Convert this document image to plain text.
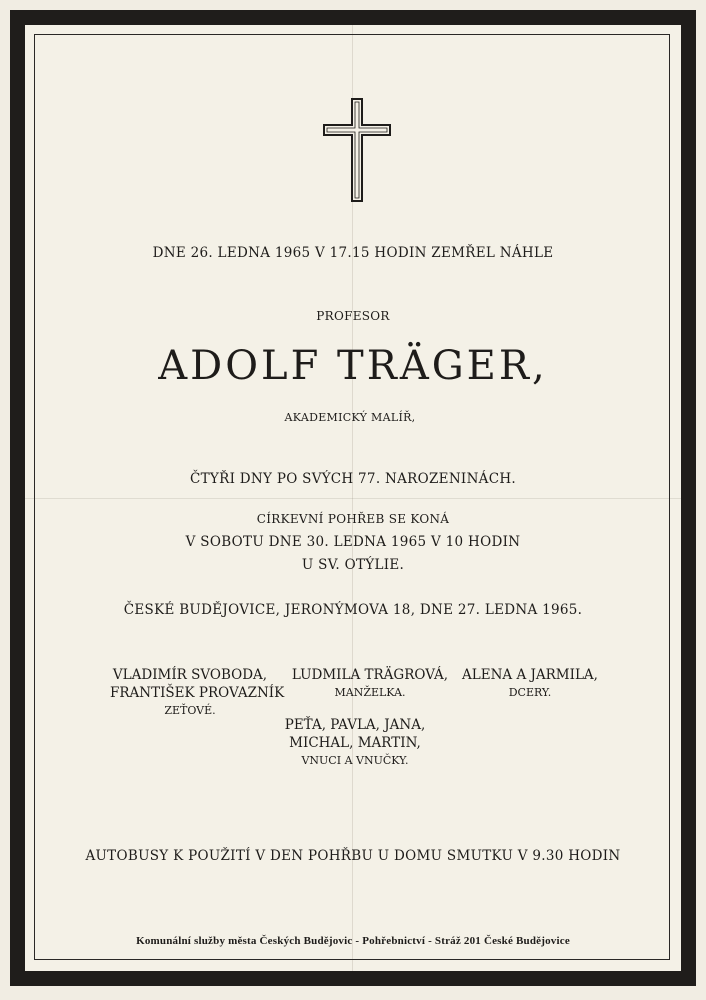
DNE 26. LEDNA 1965 V 17.15 HODIN ZEMŘEL NÁHLE
PROFESOR
ADOLF TRÄGER,
AKADEMICKÝ MALÍŘ,
ČTYŘI DNY PO SVÝCH 77. NAROZENINÁCH.
CÍRKEVNÍ POHŘEB SE KONÁ
V SOBOTU DNE 30. LEDNA 1965 V 10 HODIN
U SV. OTÝLIE.
ČESKÉ BUDĚJOVICE, JERONÝMOVA 18, DNE 27. LEDNA 1965.
VLADIMÍR SVOBODA,
FRANTIŠEK PROVAZNÍK
ZEŤOVÉ.
LUDMILA TRÄGROVÁ,
MANŽELKA.
ALENA A JARMILA,
DCERY.
PEŤA, PAVLA, JANA,
MICHAL, MARTIN,
VNUCI A VNUČKY.
AUTOBUSY K POUŽITÍ V DEN POHŘBU U DOMU SMUTKU V 9.30 HODIN
Komunální služby města Českých Budějovic - Pohřebnictví - Stráž 201 České Budějovice
